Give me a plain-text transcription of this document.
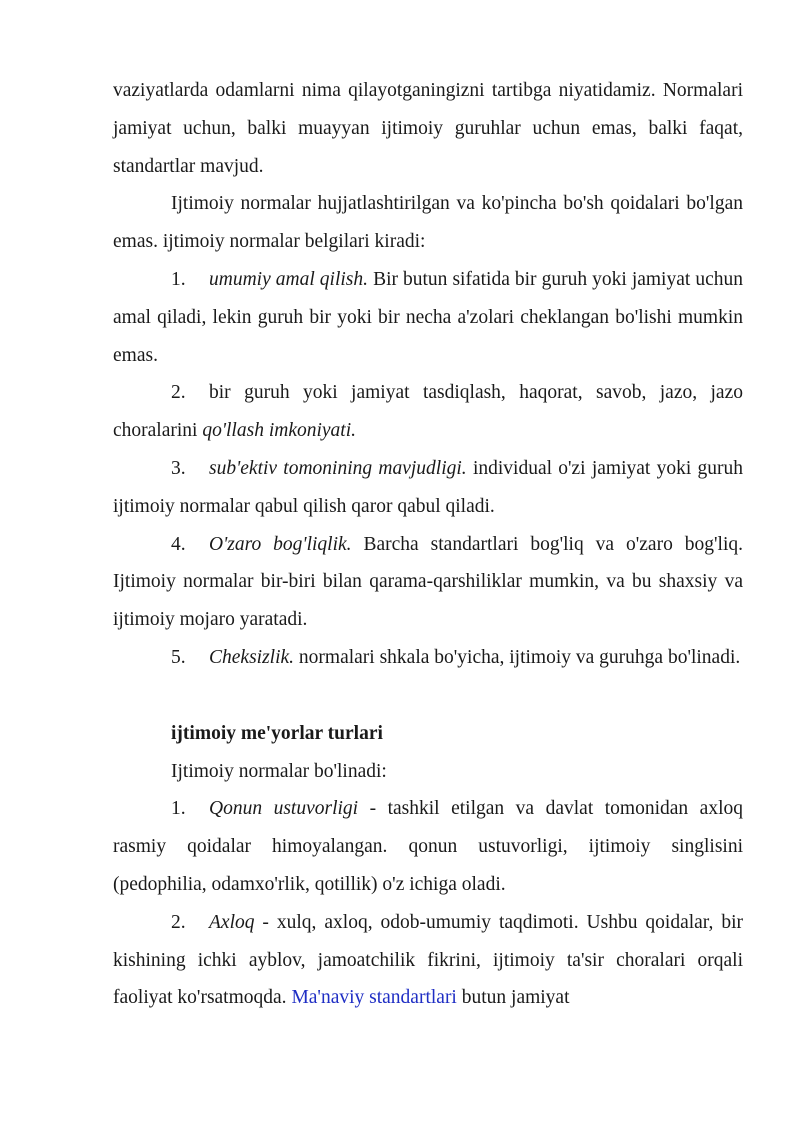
vaziyatlarda odamlarni nima qilayotganingizni tartibga niyatidamiz. Normalari jamiyat uchun, balki muayyan ijtimoiy guruhlar uchun emas, balki faqat, standartlar mavjud.

Ijtimoiy normalar hujjatlashtirilgan va ko'pincha bo'sh qoidalari bo'lgan emas. ijtimoiy normalar belgilari kiradi:

1. umumiy amal qilish. Bir butun sifatida bir guruh yoki jamiyat uchun amal qiladi, lekin guruh bir yoki bir necha a'zolari cheklangan bo'lishi mumkin emas.

2. bir guruh yoki jamiyat tasdiqlash, haqorat, savob, jazo, jazo choralarini qo'llash imkoniyati.

3. sub'ektiv tomonining mavjudligi. individual o'zi jamiyat yoki guruh ijtimoiy normalar qabul qilish qaror qabul qiladi.

4. O'zaro bog'liqlik. Barcha standartlari bog'liq va o'zaro bog'liq. Ijtimoiy normalar bir-biri bilan qarama-qarshiliklar mumkin, va bu shaxsiy va ijtimoiy mojaro yaratadi.

5. Cheksizlik. normalari shkala bo'yicha, ijtimoiy va guruhga bo'linadi.

ijtimoiy me'yorlar turlari

Ijtimoiy normalar bo'linadi:

1. Qonun ustuvorligi - tashkil etilgan va davlat tomonidan axloq rasmiy qoidalar himoyalangan. qonun ustuvorligi, ijtimoiy singlisini (pedophilia, odamxo'rlik, qotillik) o'z ichiga oladi.

2. Axloq - xulq, axloq, odob-umumiy taqdimoti. Ushbu qoidalar, bir kishining ichki ayblov, jamoatchilik fikrini, ijtimoiy ta'sir choralari orqali faoliyat ko'rsatmoqda. Ma'naviy standartlari butun jamiyat
